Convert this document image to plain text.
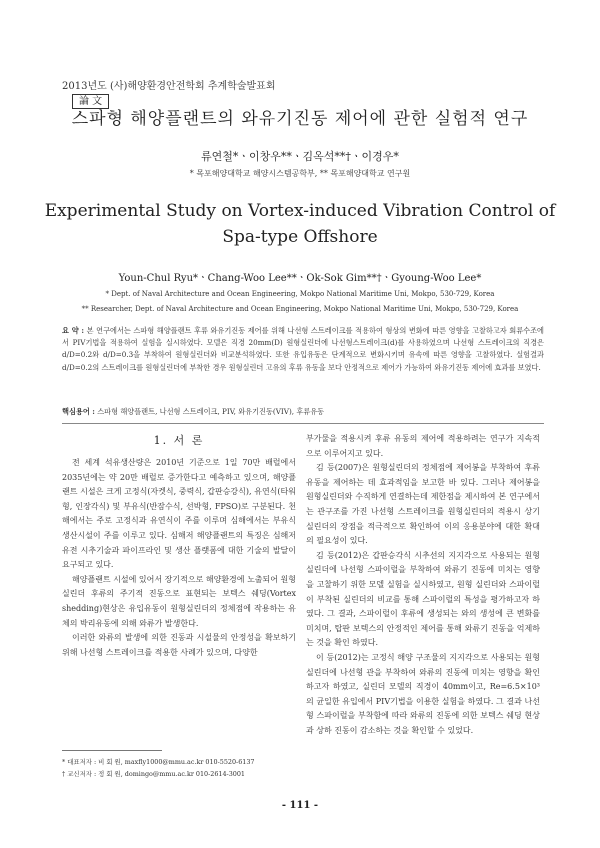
2013년도 (사)해양환경안전학회 추계학술발표회
論 文
스파형 해양플랜트의 와유기진동 제어에 관한 실험적 연구
류연철*ㆍ이창우**ㆍ김옥석**†ㆍ이경우*
* 목포해양대학교 해양시스템공학부, ** 목포해양대학교 연구원
Experimental Study on Vortex-induced Vibration Control of Spa-type Offshore
Youn-Chul Ryu*ㆍChang-Woo Lee**ㆍOk-Sok Gim**†ㆍGyoung-Woo Lee*
* Dept. of Naval Architecture and Ocean Engineering, Mokpo National Maritime Uni, Mokpo, 530-729, Korea
** Researcher, Dept. of Naval Architecture and Ocean Engineering, Mokpo National Maritime Uni, Mokpo, 530-729, Korea
요 약 : 본 연구에서는 스파형 해양플랜트 후류 와유기진동 제어를 위해 나선형 스트레이크를 적용하여 형상의 변화에 따른 영향을 고찰하고자 회류수조에서 PIV기법을 적용하여 실험을 실시하였다. 모델은 직경 20mm(D) 원형실린더에 나선형스트레이크(d)를 사용하였으며 나선형 스트레이크의 직경은 d/D=0.2와 d/D=0.3을 부착하여 원형실린더와 비교분석하였다. 또한 유입유동은 단계적으로 변화시키며 유속에 따른 영향을 고찰하였다. 실험결과 d/D=0.2의 스트레이크를 원형실린더에 부착한 경우 원형실린더 고유의 후류 유동을 보다 안정적으로 제어가 가능하여 와유기진동 제어에 효과를 보였다.
핵심용어 : 스파형 해양플랜트, 나선형 스트레이크, PIV, 와유기진동(VIV), 후류유동
1. 서 론

전 세계 석유생산량은 2010년 기준으로 1일 70만 배럴에서 2035년에는 약 20만 배럴로 증가한다고 예측하고 있으며, 해양플랜트 시설은 크게 고정식(자켓식, 중력식, 갑판승강식), 유연식(타워형, 인장각식) 및 부유식(반잠수식, 선박형, FPSO)로 구분된다. 천해에서는 주로 고정식과 유연식이 주를 이루며 심해에서는 부유식 생산시설이 주를 이루고 있다. 심해저 해양플랜트의 특징은 심해저 유전 시추기술과 파이프라인 및 생산 플랫폼에 대한 기술의 발달이 요구되고 있다.

해양플랜트 시설에 있어서 장기적으로 해양환경에 노출되어 원형실린더 후류의 주기적 진동으로 표현되는 보텍스 쉐딩(Vortex shedding)현상은 유입유동이 원형실린더의 정체점에 작용하는 유체의 박리유동에 의해 와류가 발생한다.

이러한 와류의 발생에 의한 진동과 시설물의 안정성을 확보하기 위해 나선형 스트레이크를 적용한 사례가 있으며, 다양한

부가물을 적용시켜 후류 유동의 제어에 적용하려는 연구가 지속적으로 이루어지고 있다.

김 등(2007)은 원형실린더의 정체점에 제어봉을 부착하여 후류 유동을 제어하는 데 효과적임을 보고한 바 있다. 그러나 제어봉을 원형실린더와 수직하게 연결하는데 제한점을 제시하여 본 연구에서는 관구조를 가진 나선형 스트레이크를 원형실린더의 적용시 상기 실린더의 장점을 적극적으로 확인하여 이의 응용분야에 대한 확대의 필요성이 있다.

김 등(2012)은 갑판승각식 시추선의 지지각으로 사용되는 원형실린더에 나선형 스파이럴을 부착하여 와류기 진동에 미치는 영향을 고찰하기 위한 모델 실험을 실시하였고, 원형 실린더와 스파이럴이 부착된 실린더의 비교를 통해 스파이럴의 특성을 평가하고자 하였다. 그 결과, 스파이럴이 후류에 생성되는 와의 생성에 큰 변화를 미치며, 탑판 보텍스의 안정적인 제어를 통해 와류기 진동을 억제하는 것을 확인 하였다.

이 등(2012)는 고정식 해양 구조물의 지지각으로 사용되는 원형 실린더에 나선형 관을 부착하여 와류의 진동에 미치는 영향을 확인하고자 하였고, 실린더 모델의 직경이 40mm이고, Re=6.5×10³의 균일한 유입에서 PIV기법을 이용한 실험을 하였다. 그 결과 나선형 스파이럴을 부착함에 따라 와류의 진동에 의한 보텍스 쉐딩 현상과 상하 진동이 감소하는 것을 확인할 수 있었다.

* 대표저자 : 비 회 원, maxfly1000@mmu.ac.kr 010-5520-6137
† 교신저자 : 정 회 원, domingo@mmu.ac.kr 010-2614-3001
- 111 -
